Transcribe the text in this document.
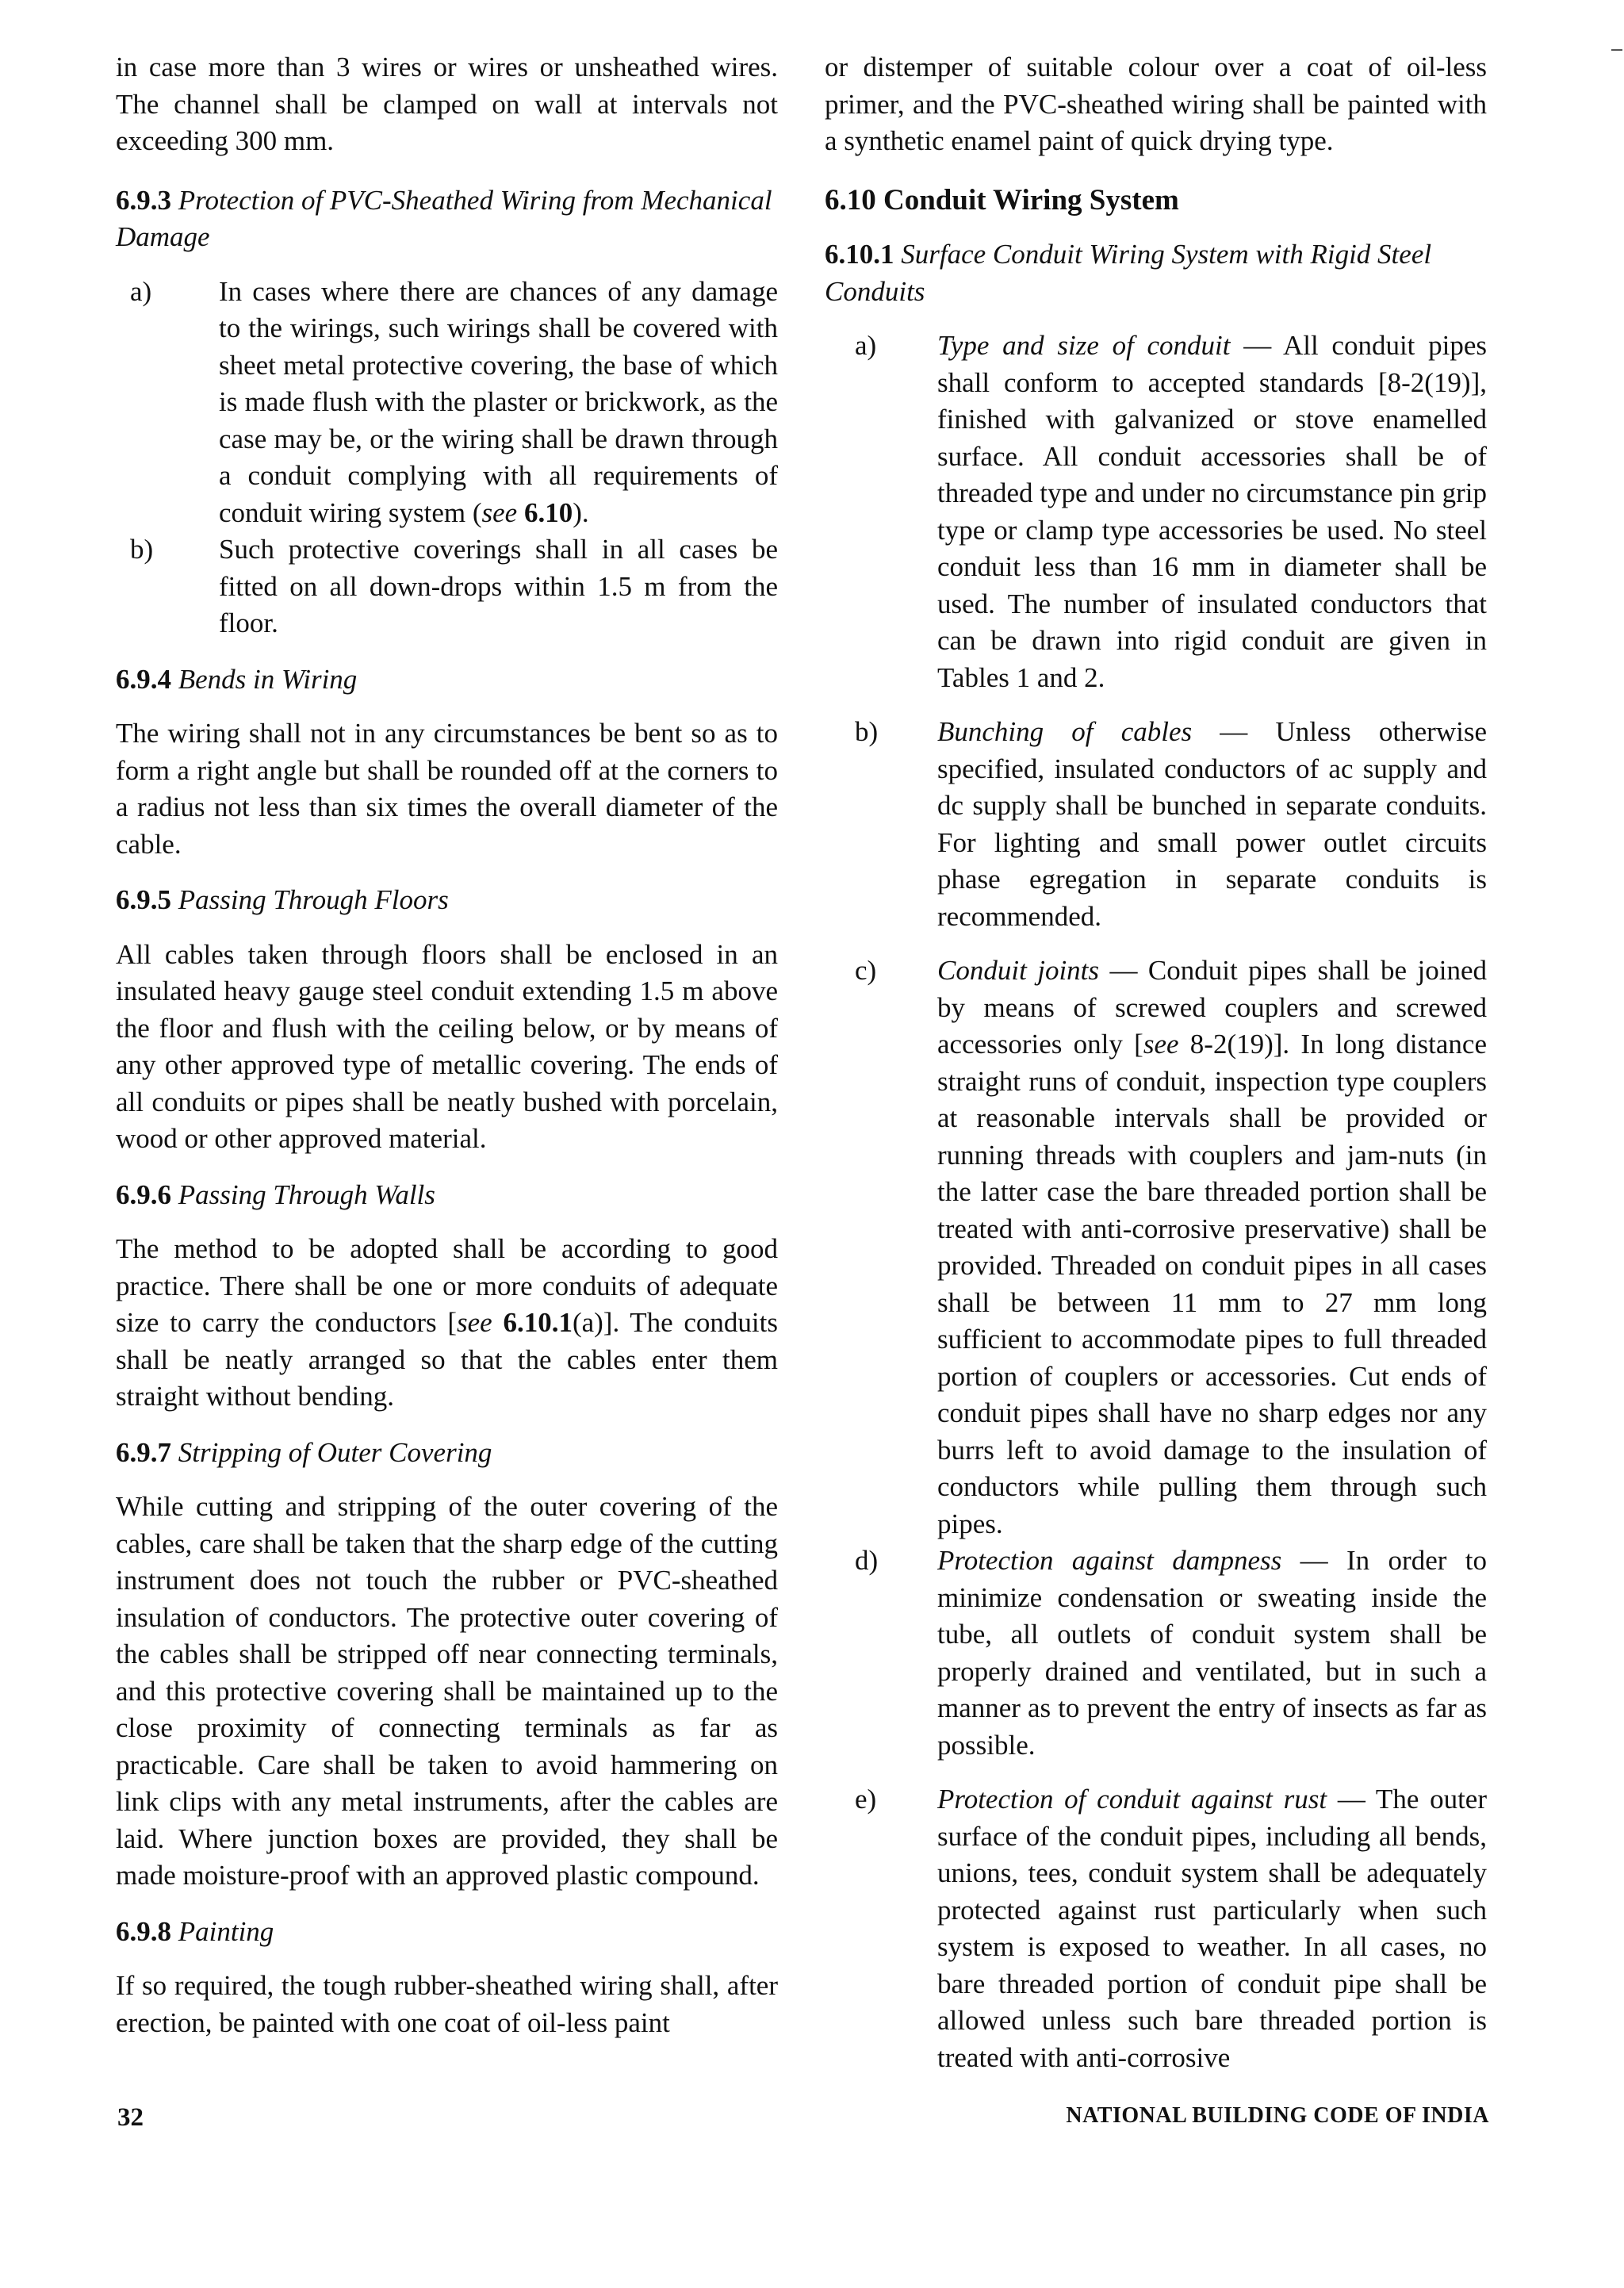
in case more than 3 wires or wires or unsheathed wires. The channel shall be clamped on wall at intervals not exceeding 300 mm.

6.9.3 Protection of PVC-Sheathed Wiring from Mechanical Damage

a)	In cases where there are chances of any damage to the wirings, such wirings shall be covered with sheet metal protective covering, the base of which is made flush with the plaster or brickwork, as the case may be, or the wiring shall be drawn through a conduit complying with all requirements of conduit wiring system (see 6.10).
b)	Such protective coverings shall in all cases be fitted on all down-drops within 1.5 m from the floor.

6.9.4 Bends in Wiring

The wiring shall not in any circumstances be bent so as to form a right angle but shall be rounded off at the corners to a radius not less than six times the overall diameter of the cable.

6.9.5 Passing Through Floors

All cables taken through floors shall be enclosed in an insulated heavy gauge steel conduit extending 1.5 m above the floor and flush with the ceiling below, or by means of any other approved type of metallic covering. The ends of all conduits or pipes shall be neatly bushed with porcelain, wood or other approved material.

6.9.6 Passing Through Walls

The method to be adopted shall be according to good practice. There shall be one or more conduits of adequate size to carry the conductors [see 6.10.1(a)]. The conduits shall be neatly arranged so that the cables enter them straight without bending.

6.9.7 Stripping of Outer Covering

While cutting and stripping of the outer covering of the cables, care shall be taken that the sharp edge of the cutting instrument does not touch the rubber or PVC-sheathed insulation of conductors. The protective outer covering of the cables shall be stripped off near connecting terminals, and this protective covering shall be maintained up to the close proximity of connecting terminals as far as practicable. Care shall be taken to avoid hammering on link clips with any metal instruments, after the cables are laid. Where junction boxes are provided, they shall be made moisture-proof with an approved plastic compound.

6.9.8 Painting

If so required, the tough rubber-sheathed wiring shall, after erection, be painted with one coat of oil-less paint

or distemper of suitable colour over a coat of oil-less primer, and the PVC-sheathed wiring shall be painted with a synthetic enamel paint of quick drying type.

6.10 Conduit Wiring System

6.10.1 Surface Conduit Wiring System with Rigid Steel Conduits

a)	Type and size of conduit — All conduit pipes shall conform to accepted standards [8-2(19)], finished with galvanized or stove enamelled surface. All conduit accessories shall be of threaded type and under no circumstance pin grip type or clamp type accessories be used. No steel conduit less than 16 mm in diameter shall be used. The number of insulated conductors that can be drawn into rigid conduit are given in Tables 1 and 2.
b)	Bunching of cables — Unless otherwise specified, insulated conductors of ac supply and dc supply shall be bunched in separate conduits. For lighting and small power outlet circuits phase egregation in separate conduits is recommended.
c)	Conduit joints — Conduit pipes shall be joined by means of screwed couplers and screwed accessories only [see 8-2(19)]. In long distance straight runs of conduit, inspection type couplers at reasonable intervals shall be provided or running threads with couplers and jam-nuts (in the latter case the bare threaded portion shall be treated with anti-corrosive preservative) shall be provided. Threaded on conduit pipes in all cases shall be between 11 mm to 27 mm long sufficient to accommodate pipes to full threaded portion of couplers or accessories. Cut ends of conduit pipes shall have no sharp edges nor any burrs left to avoid damage to the insulation of conductors while pulling them through such pipes.
d)	Protection against dampness — In order to minimize condensation or sweating inside the tube, all outlets of conduit system shall be properly drained and ventilated, but in such a manner as to prevent the entry of insects as far as possible.
e)	Protection of conduit against rust — The outer surface of the conduit pipes, including all bends, unions, tees, conduit system shall be adequately protected against rust particularly when such system is exposed to weather. In all cases, no bare threaded portion of conduit pipe shall be allowed unless such bare threaded portion is treated with anti-corrosive
32	NATIONAL BUILDING CODE OF INDIA
